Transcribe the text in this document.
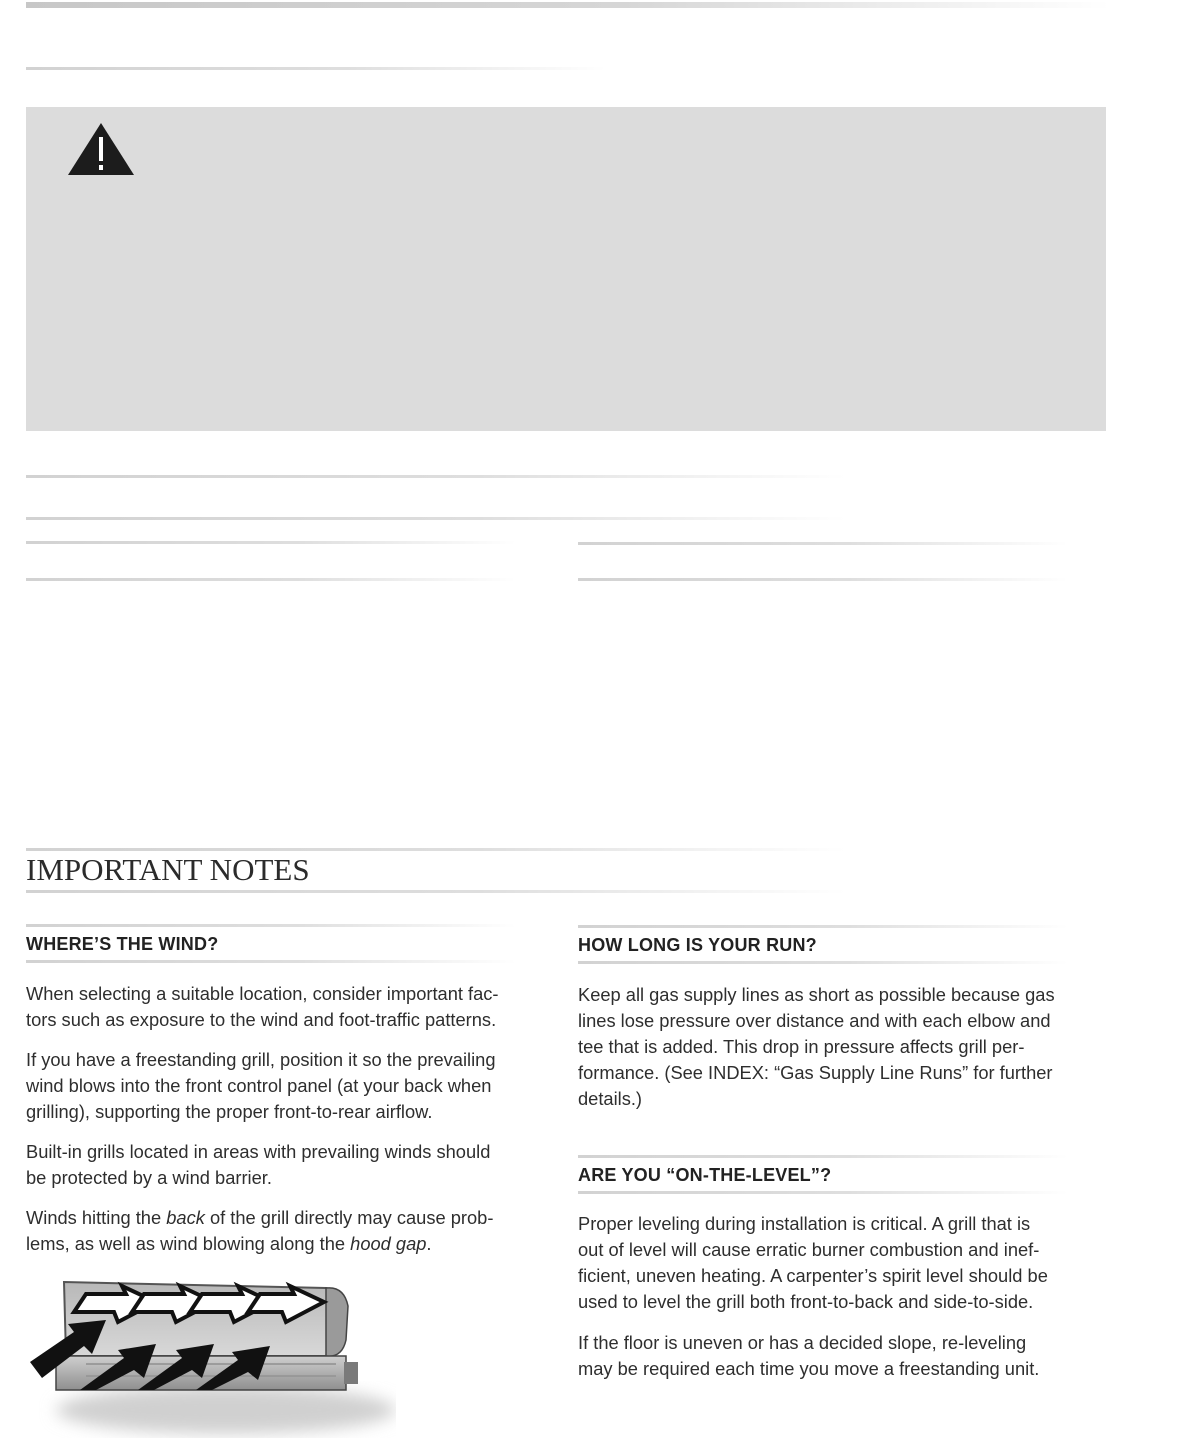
IMPORTANT NOTES
WHERE’S THE WIND?

When selecting a suitable location, consider important fac-
tors such as exposure to the wind and foot-traffic patterns.

If you have a freestanding grill, position it so the prevailing
wind blows into the front control panel (at your back when
grilling), supporting the proper front-to-rear airflow.

Built-in grills located in areas with prevailing winds should
be protected by a wind barrier.

Winds hitting the back of the grill directly may cause prob-
lems, as well as wind blowing along the hood gap.

HOW LONG IS YOUR RUN?

Keep all gas supply lines as short as possible because gas
lines lose pressure over distance and with each elbow and
tee that is added. This drop in pressure affects grill per-
formance. (See INDEX: “Gas Supply Line Runs” for further
details.)

ARE YOU “ON-THE-LEVEL”?

Proper leveling during installation is critical. A grill that is
out of level will cause erratic burner combustion and inef-
ficient, uneven heating. A carpenter’s spirit level should be
used to level the grill both front-to-back and side-to-side.

If the floor is uneven or has a decided slope, re-leveling
may be required each time you move a freestanding unit.
